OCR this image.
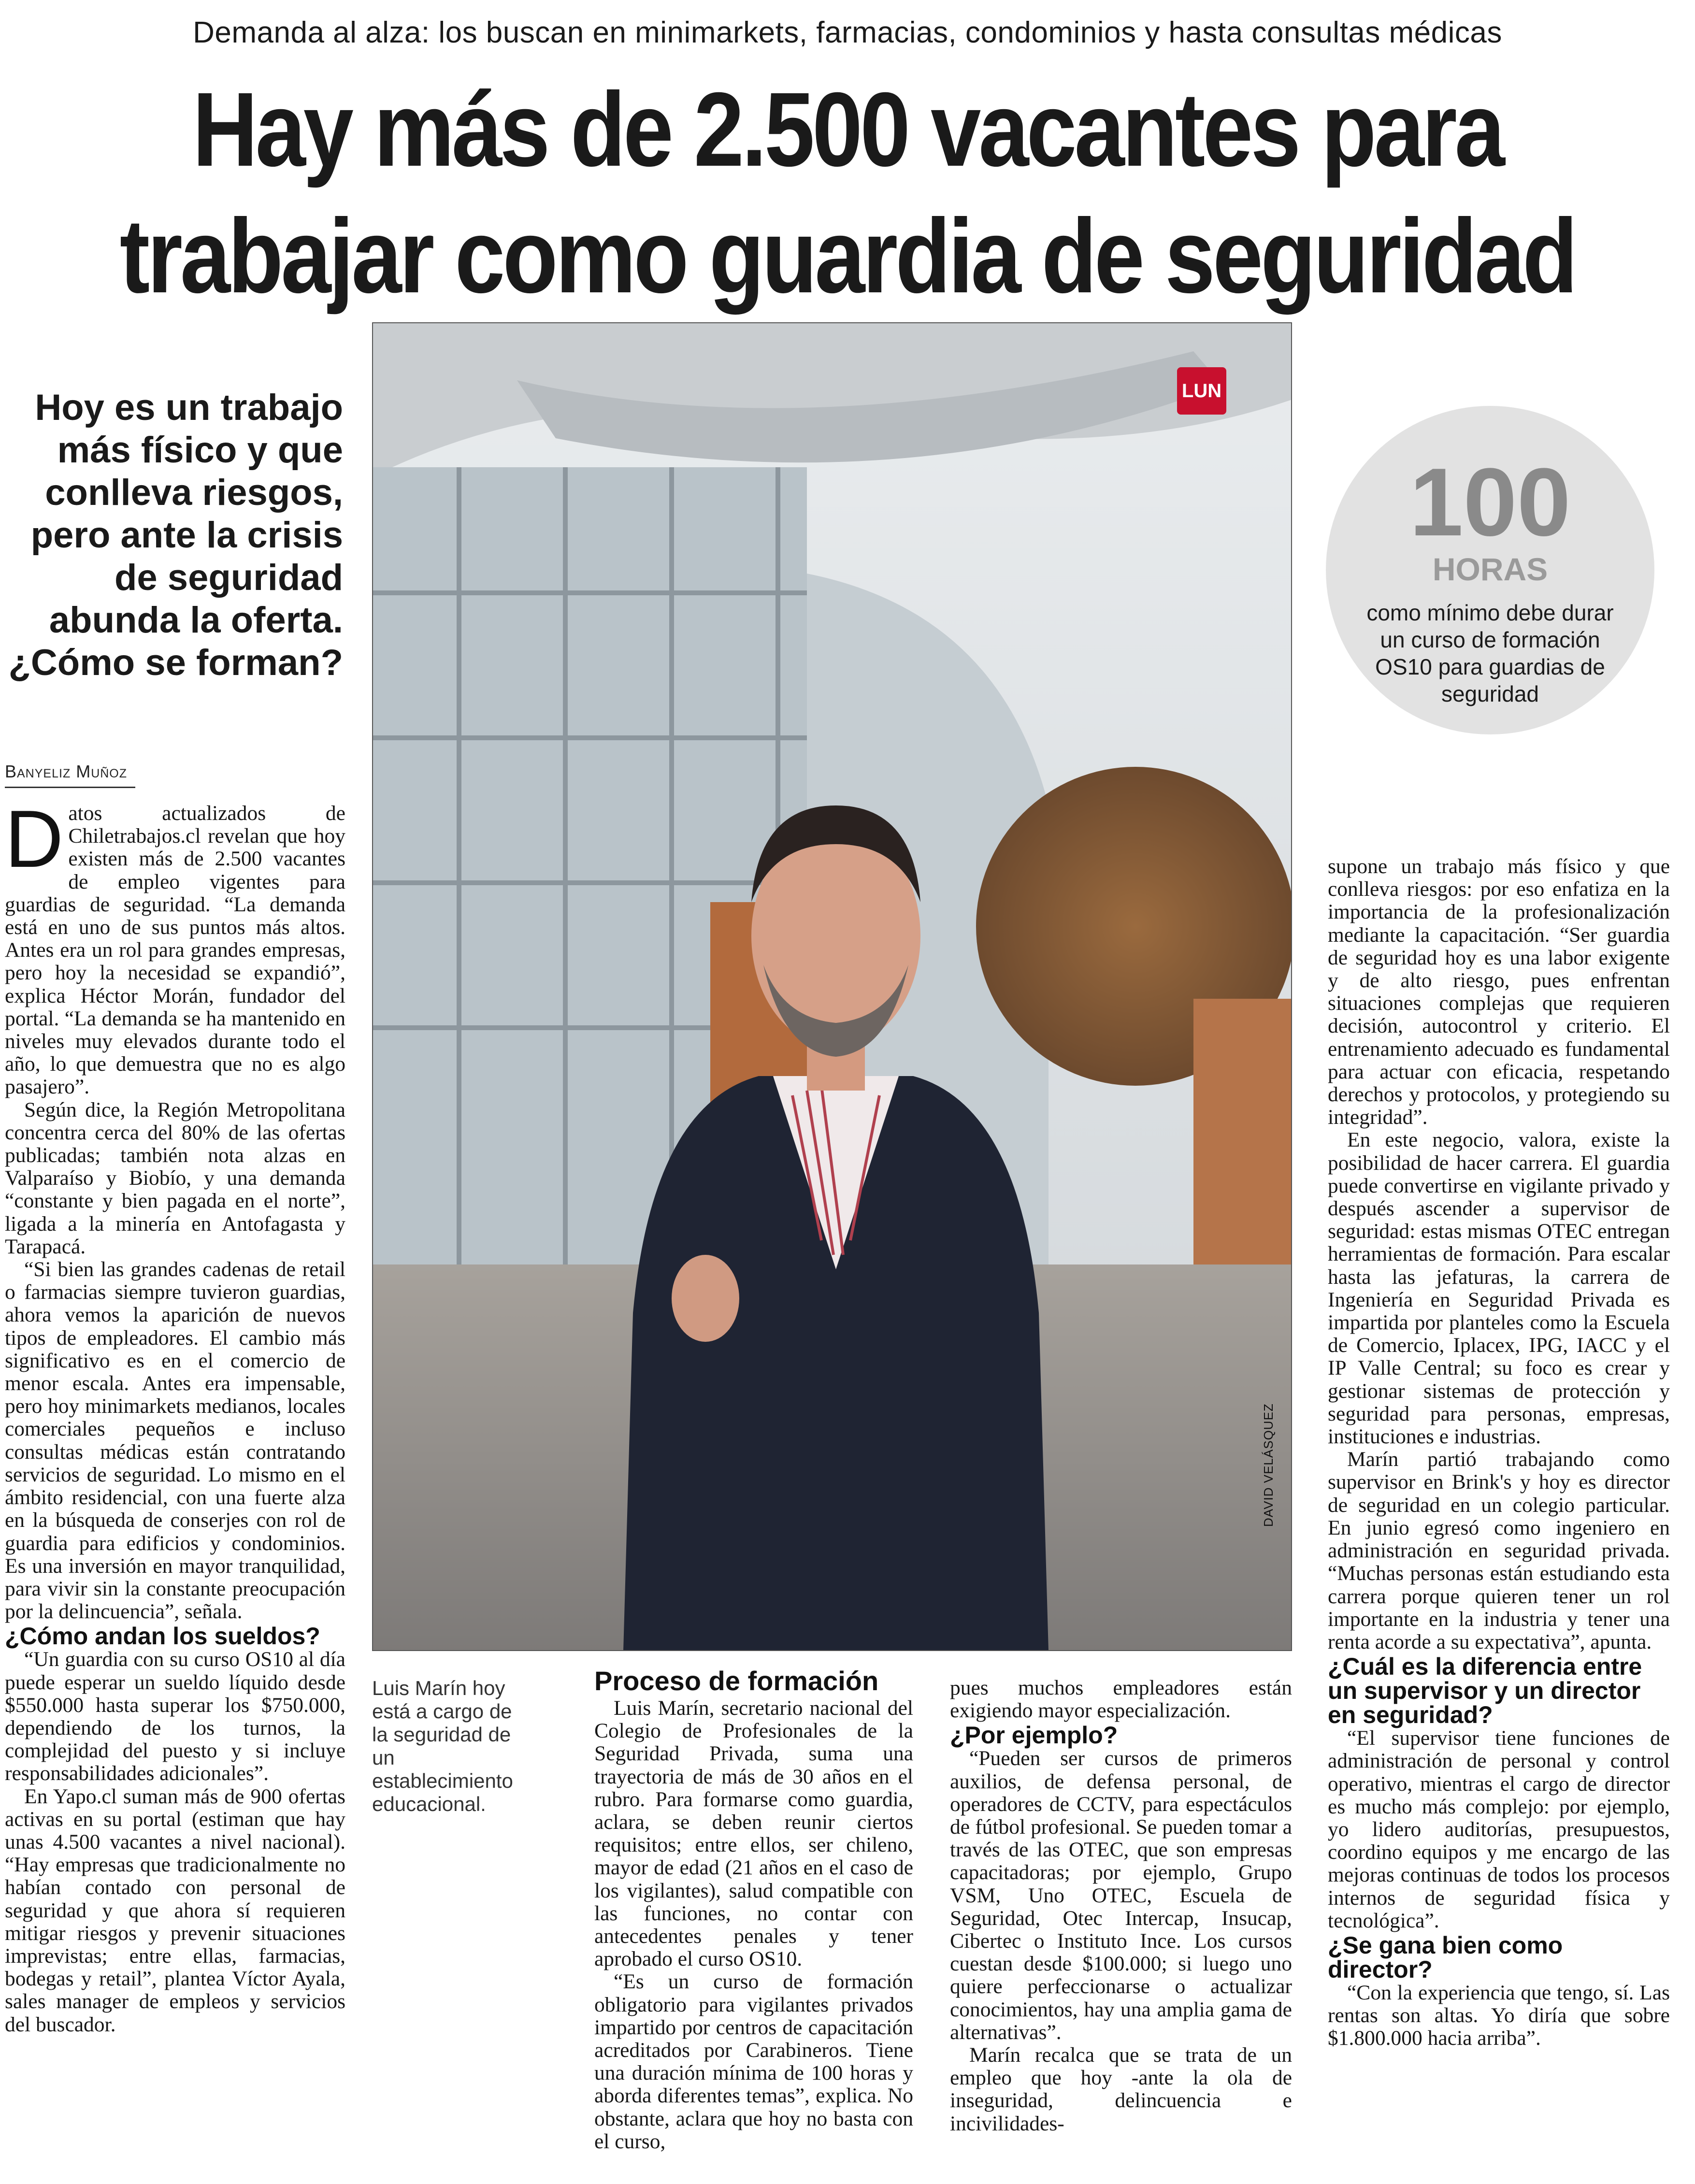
Demanda al alza: los buscan en minimarkets, farmacias, condominios y hasta consultas médicas
Hay más de 2.500 vacantes para
trabajar como guardia de seguridad
Hoy es un trabajo más físico y que conlleva riesgos, pero ante la crisis de seguridad abunda la oferta. ¿Cómo se forman?
Banyeliz Muñoz
LUN
DAVID VELÁSQUEZ
Luis Marín hoy está a cargo de la seguridad de un establecimiento educacional.
100
HORAS
como mínimo debe durar un curso de formación OS10 para guardias de seguridad

Datos actualizados de Chiletrabajos.cl revelan que hoy existen más de 2.500 vacantes de empleo vigentes para guardias de seguridad. “La demanda está en uno de sus puntos más altos. Antes era un rol para grandes empresas, pero hoy la necesidad se expandió”, explica Héctor Morán, fundador del portal. “La demanda se ha mantenido en niveles muy elevados durante todo el año, lo que demuestra que no es algo pasajero”.

Según dice, la Región Metropolitana concentra cerca del 80% de las ofertas publicadas; también nota alzas en Valparaíso y Biobío, y una demanda “constante y bien pagada en el norte”, ligada a la minería en Antofagasta y Tarapacá.

“Si bien las grandes cadenas de retail o farmacias siempre tuvieron guardias, ahora vemos la aparición de nuevos tipos de empleadores. El cambio más significativo es en el comercio de menor escala. Antes era impensable, pero hoy minimarkets medianos, locales comerciales pequeños e incluso consultas médicas están contratando servicios de seguridad. Lo mismo en el ámbito residencial, con una fuerte alza en la búsqueda de conserjes con rol de guardia para edificios y condominios. Es una inversión en mayor tranquilidad, para vivir sin la constante preocupación por la delincuencia”, señala.

¿Cómo andan los sueldos?

“Un guardia con su curso OS10 al día puede esperar un sueldo líquido desde $550.000 hasta superar los $750.000, dependiendo de los turnos, la complejidad del puesto y si incluye responsabilidades adicionales”.

En Yapo.cl suman más de 900 ofertas activas en su portal (estiman que hay unas 4.500 vacantes a nivel nacional). “Hay empresas que tradicionalmente no habían contado con personal de seguridad y que ahora sí requieren mitigar riesgos y prevenir situaciones imprevistas; entre ellas, farmacias, bodegas y retail”, plantea Víctor Ayala, sales manager de empleos y servicios del buscador.

Proceso de formación

Luis Marín, secretario nacional del Colegio de Profesionales de la Seguridad Privada, suma una trayectoria de más de 30 años en el rubro. Para formarse como guardia, aclara, se deben reunir ciertos requisitos; entre ellos, ser chileno, mayor de edad (21 años en el caso de los vigilantes), salud compatible con las funciones, no contar con antecedentes penales y tener aprobado el curso OS10.

“Es un curso de formación obligatorio para vigilantes privados impartido por centros de capacitación acreditados por Carabineros. Tiene una duración mínima de 100 horas y aborda diferentes temas”, explica. No obstante, aclara que hoy no basta con el curso,

pues muchos empleadores están exigiendo mayor especialización.

¿Por ejemplo?

“Pueden ser cursos de primeros auxilios, de defensa personal, de operadores de CCTV, para espectáculos de fútbol profesional. Se pueden tomar a través de las OTEC, que son empresas capacitadoras; por ejemplo, Grupo VSM, Uno OTEC, Escuela de Seguridad, Otec Intercap, Insucap, Cibertec o Instituto Ince. Los cursos cuestan desde $100.000; si luego uno quiere perfeccionarse o actualizar conocimientos, hay una amplia gama de alternativas”.

Marín recalca que se trata de un empleo que hoy -ante la ola de inseguridad, delincuencia e incivilidades-

supone un trabajo más físico y que conlleva riesgos: por eso enfatiza en la importancia de la profesionalización mediante la capacitación. “Ser guardia de seguridad hoy es una labor exigente y de alto riesgo, pues enfrentan situaciones complejas que requieren decisión, autocontrol y criterio. El entrenamiento adecuado es fundamental para actuar con eficacia, respetando derechos y protocolos, y protegiendo su integridad”.

En este negocio, valora, existe la posibilidad de hacer carrera. El guardia puede convertirse en vigilante privado y después ascender a supervisor de seguridad: estas mismas OTEC entregan herramientas de formación. Para escalar hasta las jefaturas, la carrera de Ingeniería en Seguridad Privada es impartida por planteles como la Escuela de Comercio, Iplacex, IPG, IACC y el IP Valle Central; su foco es crear y gestionar sistemas de protección y seguridad para personas, empresas, instituciones e industrias.

Marín partió trabajando como supervisor en Brink's y hoy es director de seguridad en un colegio particular. En junio egresó como ingeniero en administración en seguridad privada. “Muchas personas están estudiando esta carrera porque quieren tener un rol importante en la industria y tener una renta acorde a su expectativa”, apunta.

¿Cuál es la diferencia entre un supervisor y un director en seguridad?

“El supervisor tiene funciones de administración de personal y control operativo, mientras el cargo de director es mucho más complejo: por ejemplo, yo lidero auditorías, presupuestos, coordino equipos y me encargo de las mejoras continuas de todos los procesos internos de seguridad física y tecnológica”.

¿Se gana bien como director?

“Con la experiencia que tengo, sí. Las rentas son altas. Yo diría que sobre $1.800.000 hacia arriba”.
